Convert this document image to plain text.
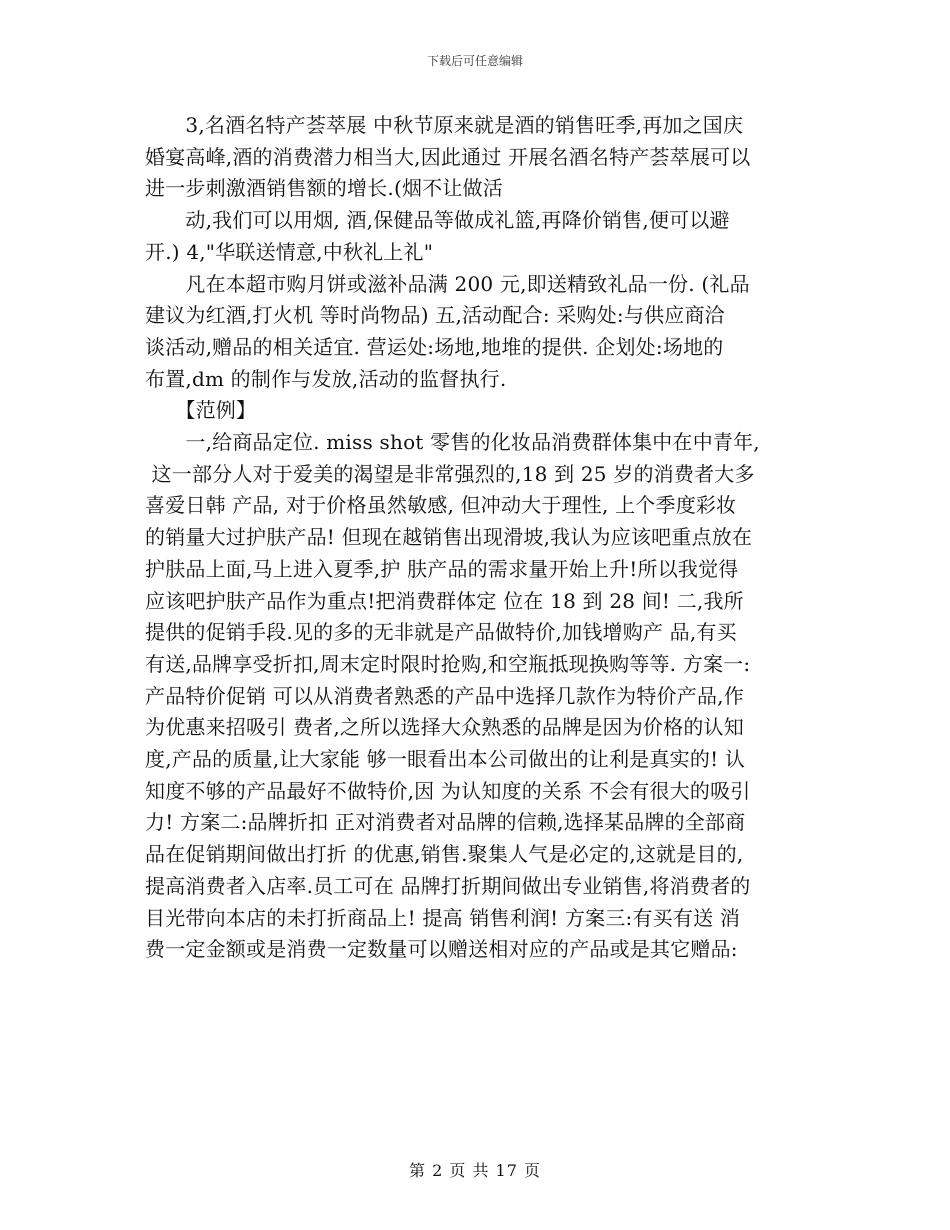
下载后可任意编辑
　　3,名酒名特产荟萃展 中秋节原来就是酒的销售旺季,再加之国庆
婚宴高峰,酒的消费潜力相当大,因此通过 开展名酒名特产荟萃展可以
进一步刺激酒销售额的增长.(烟不让做活
　　动,我们可以用烟, 酒,保健品等做成礼篮,再降价销售,便可以避
开.) 4,"华联送情意,中秋礼上礼"
　　凡在本超市购月饼或滋补品满 200 元,即送精致礼品一份. (礼品
建议为红酒,打火机 等时尚物品) 五,活动配合: 采购处:与供应商洽
谈活动,赠品的相关适宜. 营运处:场地,地堆的提供. 企划处:场地的
布置,dm 的制作与发放,活动的监督执行.
　　【范例】
　　一,给商品定位. miss shot 零售的化妆品消费群体集中在中青年,
这一部分人对于爱美的渴望是非常强烈的,18 到 25 岁的消费者大多
喜爱日韩 产品, 对于价格虽然敏感, 但冲动大于理性, 上个季度彩妆
的销量大过护肤产品! 但现在越销售出现滑坡,我认为应该吧重点放在
护肤品上面,马上进入夏季,护 肤产品的需求量开始上升!所以我觉得
应该吧护肤产品作为重点!把消费群体定 位在 18 到 28 间! 二,我所
提供的促销手段.见的多的无非就是产品做特价,加钱增购产 品,有买
有送,品牌享受折扣,周末定时限时抢购,和空瓶抵现换购等等. 方案一:
产品特价促销 可以从消费者熟悉的产品中选择几款作为特价产品,作
为优惠来招吸引 费者,之所以选择大众熟悉的品牌是因为价格的认知
度,产品的质量,让大家能 够一眼看出本公司做出的让利是真实的! 认
知度不够的产品最好不做特价,因 为认知度的关系 不会有很大的吸引
力! 方案二:品牌折扣 正对消费者对品牌的信赖,选择某品牌的全部商
品在促销期间做出打折 的优惠,销售.聚集人气是必定的,这就是目的,
提高消费者入店率.员工可在 品牌打折期间做出专业销售,将消费者的
目光带向本店的未打折商品上! 提高 销售利润! 方案三:有买有送 消
费一定金额或是消费一定数量可以赠送相对应的产品或是其它赠品:
第 2 页 共 17 页
